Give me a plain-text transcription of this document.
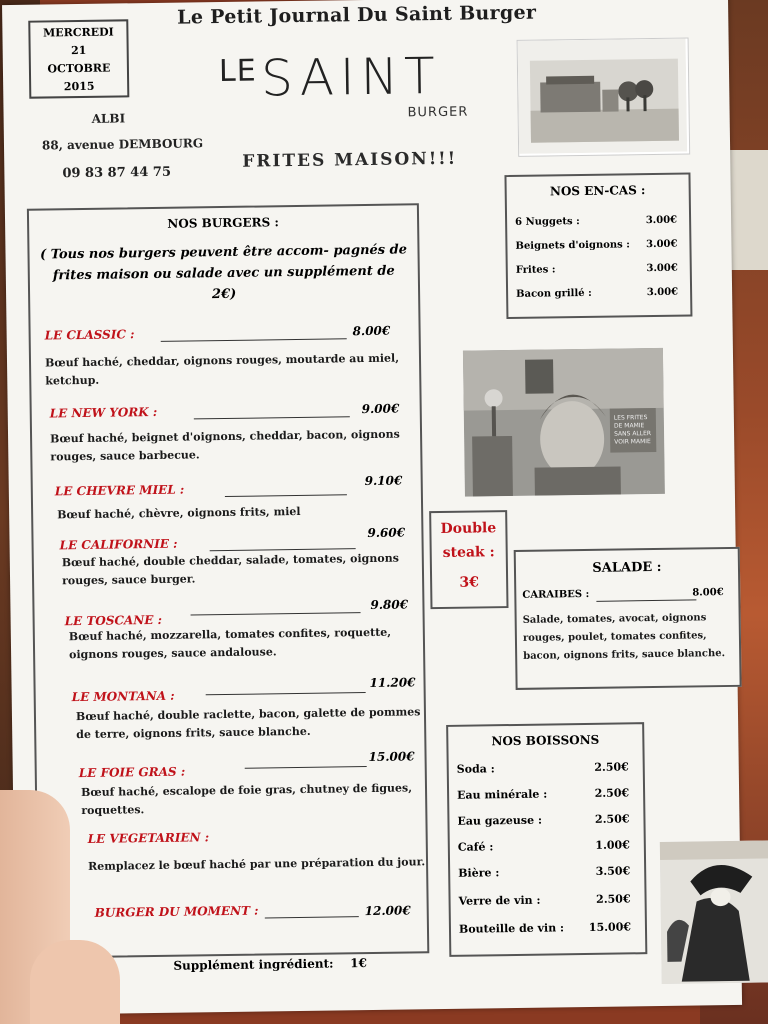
Le Petit Journal Du Saint Burger
MERCREDI
21
OCTOBRE
2015	LE SAINT
BURGER
ALBI
88, avenue DEMBOURG
09 83 87 44 75
FRITES MAISON!!!
NOS BURGERS :
( Tous nos burgers peuvent être accom- pagnés de frites maison ou salade avec un supplément de 2€)
LE CLASSIC :	8.00€
Bœuf haché, cheddar, oignons rouges, moutarde au miel, ketchup.
LE NEW YORK :	9.00€
Bœuf haché, beignet d'oignons, cheddar, bacon, oignons rouges, sauce barbecue.
LE CHEVRE MIEL :
9.10€
Bœuf haché, chèvre, oignons frits, miel
LE CALIFORNIE :
9.60€
Bœuf haché, double cheddar, salade, tomates, oignons rouges, sauce burger.
LE TOSCANE :
9.80€
Bœuf haché, mozzarella, tomates confites, roquette, oignons rouges, sauce andalouse.
LE MONTANA :
11.20€
Bœuf haché, double raclette, bacon, galette de pommes de terre, oignons frits, sauce blanche.
LE FOIE GRAS :
15.00€
Bœuf haché, escalope de foie gras, chutney de figues, roquettes.
LE VEGETARIEN :
Remplacez le bœuf haché par une préparation du jour.
BURGER DU MOMENT :	12.00€
Supplément ingrédient: 1€
NOS EN-CAS :
6 Nuggets :	3.00€
Beignets d'oignons : 3.00€
Frites :	3.00€
Bacon grillé :	3.00€
LES FRITES DE MAMIE SANS ALLER VOIR MAMIE
Double
steak :
3€
SALADE :
CARAIBES :	8.00€
Salade, tomates, avocat, oignons rouges, poulet, tomates confites, bacon, oignons frits, sauce blanche.
NOS BOISSONS
Soda :	2.50€
Eau minérale :	2.50€
Eau gazeuse :	2.50€
Café :	1.00€
Bière :	3.50€
Verre de vin :	2.50€
Bouteille de vin : 15.00€
